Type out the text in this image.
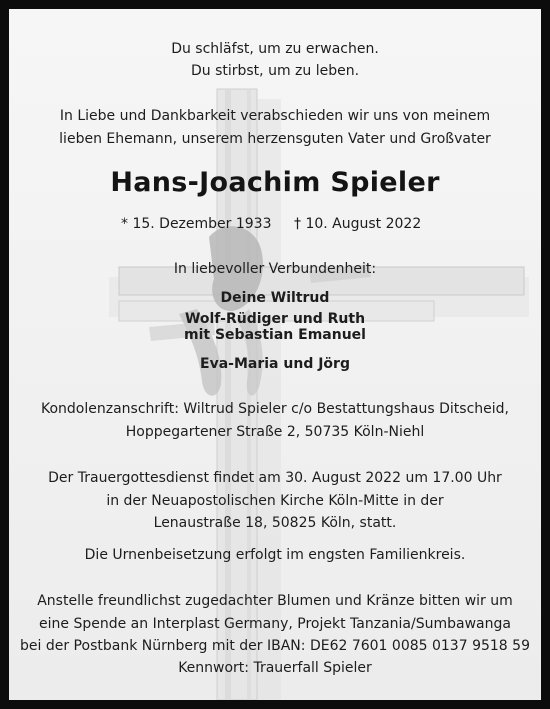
Du schläfst, um zu erwachen.
Du stirbst, um zu leben.
In Liebe und Dankbarkeit verabschieden wir uns von meinem
lieben Ehemann, unserem herzensguten Vater und Großvater
Hans-Joachim Spieler
* 15. Dezember 1933 † 10. August 2022
In liebevoller Verbundenheit:
Deine Wiltrud
Wolf-Rüdiger und Ruth
mit Sebastian Emanuel
Eva-Maria und Jörg
Kondolenzanschrift: Wiltrud Spieler c/o Bestattungshaus Ditscheid,
Hoppegartener Straße 2, 50735 Köln-Niehl
Der Trauergottesdienst findet am 30. August 2022 um 17.00 Uhr
in der Neuapostolischen Kirche Köln-Mitte in der
Lenaustraße 18, 50825 Köln, statt.
Die Urnenbeisetzung erfolgt im engsten Familienkreis.
Anstelle freundlichst zugedachter Blumen und Kränze bitten wir um
eine Spende an Interplast Germany, Projekt Tanzania/Sumbawanga
bei der Postbank Nürnberg mit der IBAN: DE62 7601 0085 0137 9518 59
Kennwort: Trauerfall Spieler
